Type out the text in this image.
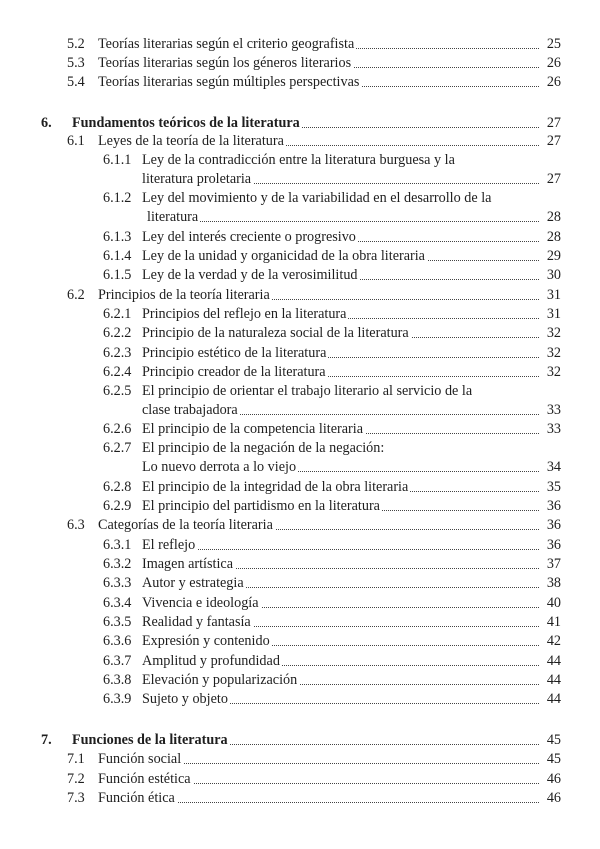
5.2 Teorías literarias según el criterio geografista	25
5.3 Teorías literarias según los géneros literarios	26
5.4 Teorías literarias según múltiples perspectivas	26
6. Fundamentos teóricos de la literatura	27
6.1 Leyes de la teoría de la literatura	27
6.1.1 Ley de la contradicción entre la literatura burguesa y la
literatura proletaria	27
6.1.2 Ley del movimiento y de la variabilidad en el desarrollo de la
literatura	28
6.1.3 Ley del interés creciente o progresivo	28
6.1.4 Ley de la unidad y organicidad de la obra literaria	29
6.1.5 Ley de la verdad y de la verosimilitud	30
6.2 Principios de la teoría literaria	31
6.2.1 Principios del reflejo en la literatura	31
6.2.2 Principio de la naturaleza social de la literatura	32
6.2.3 Principio estético de la literatura	32
6.2.4 Principio creador de la literatura	32
6.2.5 El principio de orientar el trabajo literario al servicio de la
clase trabajadora	33
6.2.6 El principio de la competencia literaria	33
6.2.7 El principio de la negación de la negación:
Lo nuevo derrota a lo viejo	34
6.2.8 El principio de la integridad de la obra literaria	35
6.2.9 El principio del partidismo en la literatura	36
6.3 Categorías de la teoría literaria	36
6.3.1 El reflejo	36
6.3.2 Imagen artística	37
6.3.3 Autor y estrategia	38
6.3.4 Vivencia e ideología	40
6.3.5 Realidad y fantasía	41
6.3.6 Expresión y contenido	42
6.3.7 Amplitud y profundidad	44
6.3.8 Elevación y popularización	44
6.3.9 Sujeto y objeto	44
7. Funciones de la literatura	45
7.1 Función social	45
7.2 Función estética	46
7.3 Función ética	46
